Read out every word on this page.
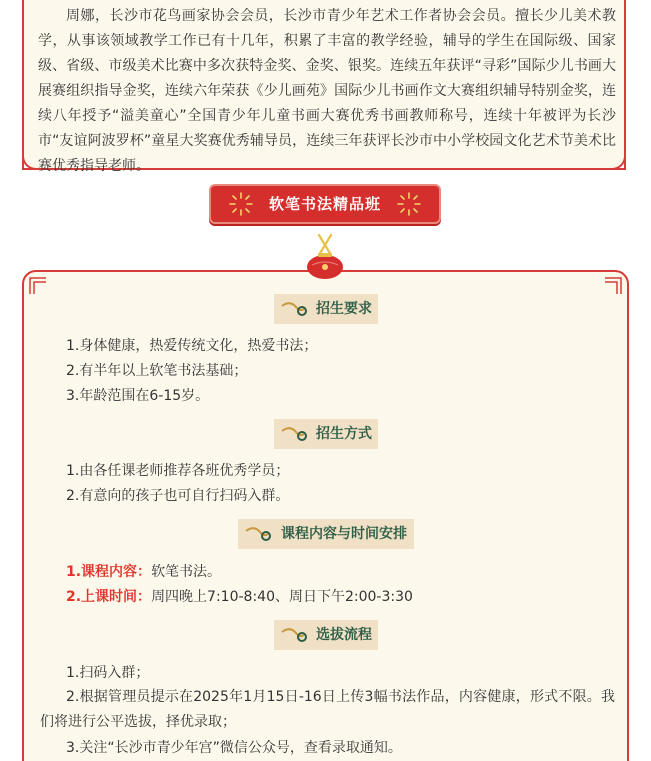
周娜，长沙市花鸟画家协会会员，长沙市青少年艺术工作者协会会员。擅长少儿美术教学，从事该领域教学工作已有十几年，积累了丰富的教学经验，辅导的学生在国际级、国家级、省级、市级美术比赛中多次获特金奖、金奖、银奖。连续五年获评“寻彩”国际少儿书画大展赛组织指导金奖，连续六年荣获《少儿画苑》国际少儿书画作文大赛组织辅导特别金奖，连续八年授予“溢美童心”全国青少年儿童书画大赛优秀书画教师称号，连续十年被评为长沙市“友谊阿波罗杯”童星大奖赛优秀辅导员，连续三年获评长沙市中小学校园文化艺术节美术比赛优秀指导老师。

软笔书法精品班
招生要求
1.身体健康，热爱传统文化，热爱书法；
2.有半年以上软笔书法基础；
3.年龄范围在6-15岁。
招生方式
1.由各任课老师推荐各班优秀学员；
2.有意向的孩子也可自行扫码入群。
课程内容与时间安排
1.课程内容：软笔书法。
2.上课时间：周四晚上7:10-8:40、周日下午2:00-3:30
选拔流程
1.扫码入群；
2.根据管理员提示在2025年1月15日-16日上传3幅书法作品，内容健康，形式不限。我们将进行公平选拔，择优录取；
3.关注“长沙市青少年宫”微信公众号，查看录取通知。
